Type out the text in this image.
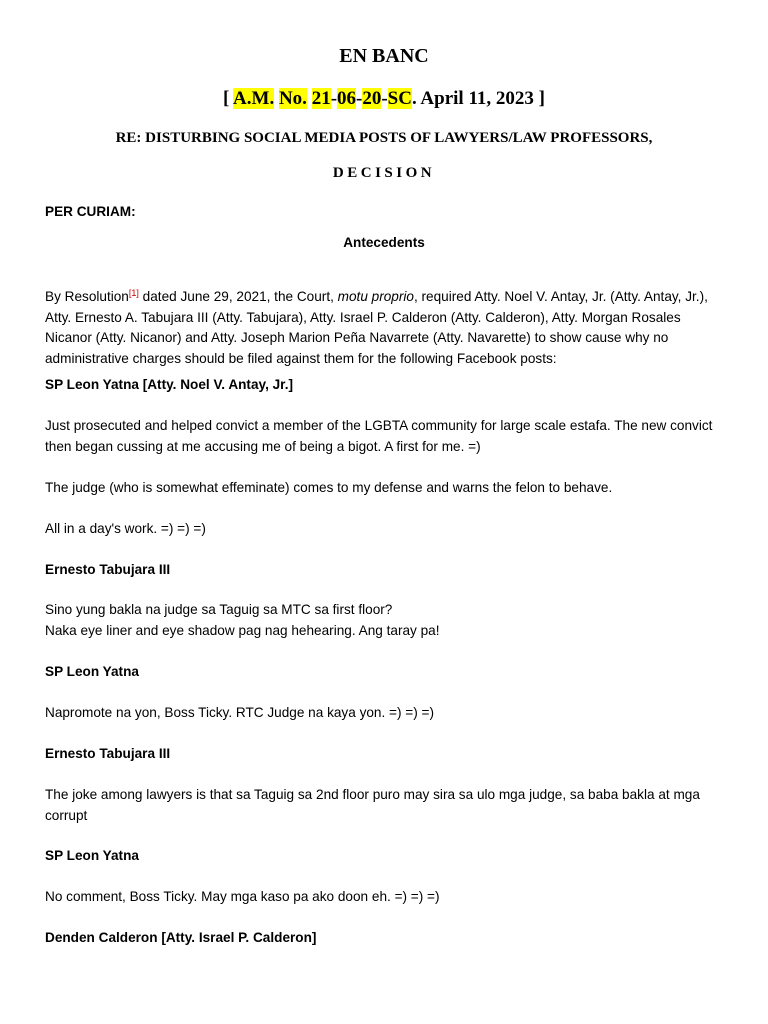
EN BANC

[ A.M. No. 21-06-20-SC. April 11, 2023 ]

RE: DISTURBING SOCIAL MEDIA POSTS OF LAWYERS/LAW PROFESSORS,

DECISION

PER CURIAM:

Antecedents

By Resolution[1] dated June 29, 2021, the Court, motu proprio, required Atty. Noel V. Antay, Jr. (Atty. Antay, Jr.), Atty. Ernesto A. Tabujara III (Atty. Tabujara), Atty. Israel P. Calderon (Atty. Calderon), Atty. Morgan Rosales Nicanor (Atty. Nicanor) and Atty. Joseph Marion Peña Navarrete (Atty. Navarette) to show cause why no administrative charges should be filed against them for the following Facebook posts:

SP Leon Yatna [Atty. Noel V. Antay, Jr.]

Just prosecuted and helped convict a member of the LGBTA community for large scale estafa. The new convict then began cussing at me accusing me of being a bigot. A first for me. =)

The judge (who is somewhat effeminate) comes to my defense and warns the felon to behave.

All in a day's work. =) =) =)

Ernesto Tabujara III

Sino yung bakla na judge sa Taguig sa MTC sa first floor?

Naka eye liner and eye shadow pag nag hehearing. Ang taray pa!

SP Leon Yatna

Napromote na yon, Boss Ticky. RTC Judge na kaya yon. =) =) =)

Ernesto Tabujara III

The joke among lawyers is that sa Taguig sa 2nd floor puro may sira sa ulo mga judge, sa baba bakla at mga corrupt

SP Leon Yatna

No comment, Boss Ticky. May mga kaso pa ako doon eh. =) =) =)

Denden Calderon [Atty. Israel P. Calderon]
